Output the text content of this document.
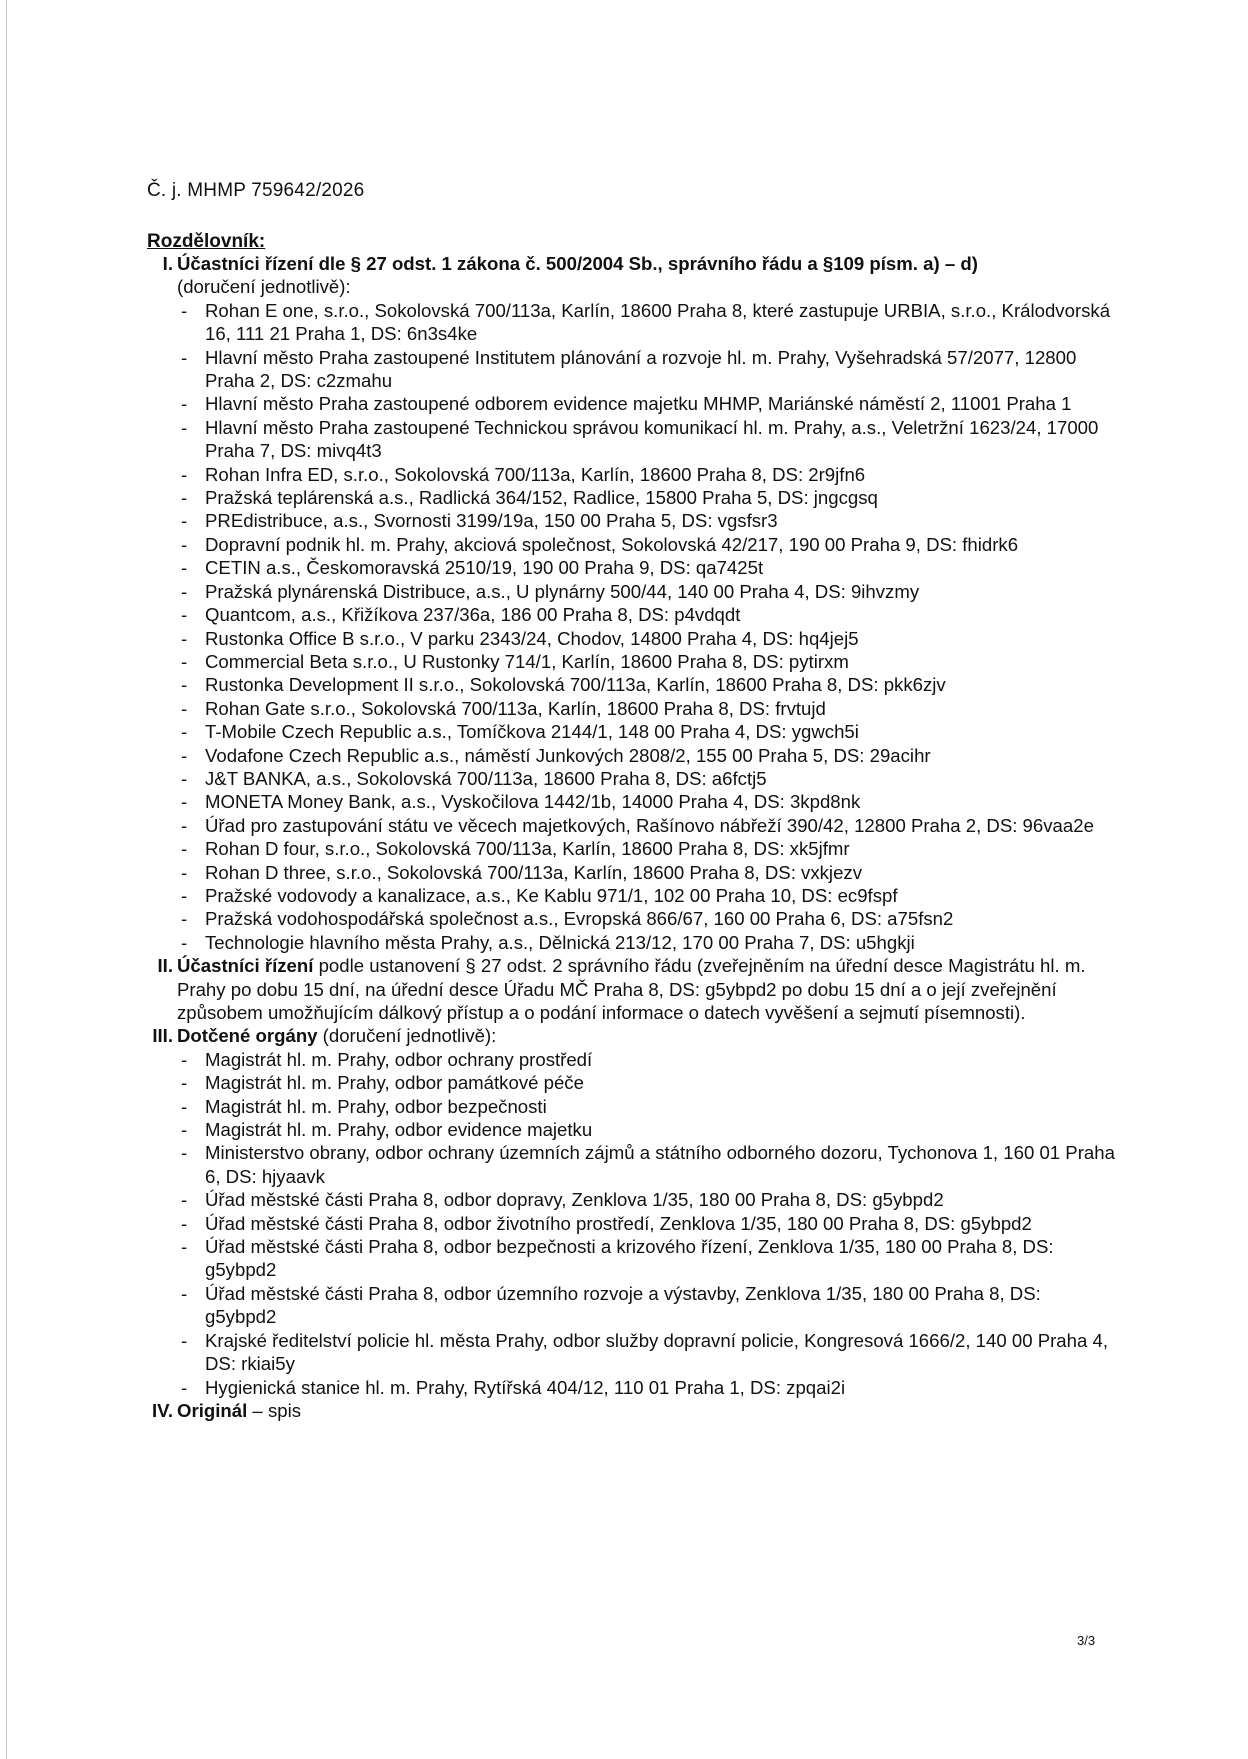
Č. j. MHMP 759642/2026
Rozdělovník:
I. Účastníci řízení dle § 27 odst. 1 zákona č. 500/2004 Sb., správního řádu a §109 písm. a) – d)
(doručení jednotlivě):
- Rohan E one, s.r.o., Sokolovská 700/113a, Karlín, 18600 Praha 8, které zastupuje URBIA, s.r.o., Králodvorská 16, 111 21 Praha 1, DS: 6n3s4ke
- Hlavní město Praha zastoupené Institutem plánování a rozvoje hl. m. Prahy, Vyšehradská 57/2077, 12800 Praha 2, DS: c2zmahu
- Hlavní město Praha zastoupené odborem evidence majetku MHMP, Mariánské náměstí 2, 11001 Praha 1
- Hlavní město Praha zastoupené Technickou správou komunikací hl. m. Prahy, a.s., Veletržní 1623/24, 17000 Praha 7, DS: mivq4t3
- Rohan Infra ED, s.r.o., Sokolovská 700/113a, Karlín, 18600 Praha 8, DS: 2r9jfn6
- Pražská teplárenská a.s., Radlická 364/152, Radlice, 15800 Praha 5, DS: jngcgsq
- PREdistribuce, a.s., Svornosti 3199/19a, 150 00 Praha 5, DS: vgsfsr3
- Dopravní podnik hl. m. Prahy, akciová společnost, Sokolovská 42/217, 190 00 Praha 9, DS: fhidrk6
- CETIN a.s., Českomoravská 2510/19, 190 00 Praha 9, DS: qa7425t
- Pražská plynárenská Distribuce, a.s., U plynárny 500/44, 140 00 Praha 4, DS: 9ihvzmy
- Quantcom, a.s., Křižíkova 237/36a, 186 00 Praha 8, DS: p4vdqdt
- Rustonka Office B s.r.o., V parku 2343/24, Chodov, 14800 Praha 4, DS: hq4jej5
- Commercial Beta s.r.o., U Rustonky 714/1, Karlín, 18600 Praha 8, DS: pytirxm
- Rustonka Development II s.r.o., Sokolovská 700/113a, Karlín, 18600 Praha 8, DS: pkk6zjv
- Rohan Gate s.r.o., Sokolovská 700/113a, Karlín, 18600 Praha 8, DS: frvtujd
- T-Mobile Czech Republic a.s., Tomíčkova 2144/1, 148 00 Praha 4, DS: ygwch5i
- Vodafone Czech Republic a.s., náměstí Junkových 2808/2, 155 00 Praha 5, DS: 29acihr
- J&T BANKA, a.s., Sokolovská 700/113a, 18600 Praha 8, DS: a6fctj5
- MONETA Money Bank, a.s., Vyskočilova 1442/1b, 14000 Praha 4, DS: 3kpd8nk
- Úřad pro zastupování státu ve věcech majetkových, Rašínovo nábřeží 390/42, 12800 Praha 2, DS: 96vaa2e
- Rohan D four, s.r.o., Sokolovská 700/113a, Karlín, 18600 Praha 8, DS: xk5jfmr
- Rohan D three, s.r.o., Sokolovská 700/113a, Karlín, 18600 Praha 8, DS: vxkjezv
- Pražské vodovody a kanalizace, a.s., Ke Kablu 971/1, 102 00 Praha 10, DS: ec9fspf
- Pražská vodohospodářská společnost a.s., Evropská 866/67, 160 00 Praha 6, DS: a75fsn2
- Technologie hlavního města Prahy, a.s., Dělnická 213/12, 170 00 Praha 7, DS: u5hgkji
II. Účastníci řízení podle ustanovení § 27 odst. 2 správního řádu (zveřejněním na úřední desce Magistrátu hl. m. Prahy po dobu 15 dní, na úřední desce Úřadu MČ Praha 8, DS: g5ybpd2 po dobu 15 dní a o její zveřejnění způsobem umožňujícím dálkový přístup a o podání informace o datech vyvěšení a sejmutí písemnosti).
III. Dotčené orgány (doručení jednotlivě):
- Magistrát hl. m. Prahy, odbor ochrany prostředí
- Magistrát hl. m. Prahy, odbor památkové péče
- Magistrát hl. m. Prahy, odbor bezpečnosti
- Magistrát hl. m. Prahy, odbor evidence majetku
- Ministerstvo obrany, odbor ochrany územních zájmů a státního odborného dozoru, Tychonova 1, 160 01 Praha 6, DS: hjyaavk
- Úřad městské části Praha 8, odbor dopravy, Zenklova 1/35, 180 00 Praha 8, DS: g5ybpd2
- Úřad městské části Praha 8, odbor životního prostředí, Zenklova 1/35, 180 00 Praha 8, DS: g5ybpd2
- Úřad městské části Praha 8, odbor bezpečnosti a krizového řízení, Zenklova 1/35, 180 00 Praha 8, DS: g5ybpd2
- Úřad městské části Praha 8, odbor územního rozvoje a výstavby, Zenklova 1/35, 180 00 Praha 8, DS: g5ybpd2
- Krajské ředitelství policie hl. města Prahy, odbor služby dopravní policie, Kongresová 1666/2, 140 00 Praha 4, DS: rkiai5y
- Hygienická stanice hl. m. Prahy, Rytířská 404/12, 110 01 Praha 1, DS: zpqai2i
IV. Originál – spis
3/3
